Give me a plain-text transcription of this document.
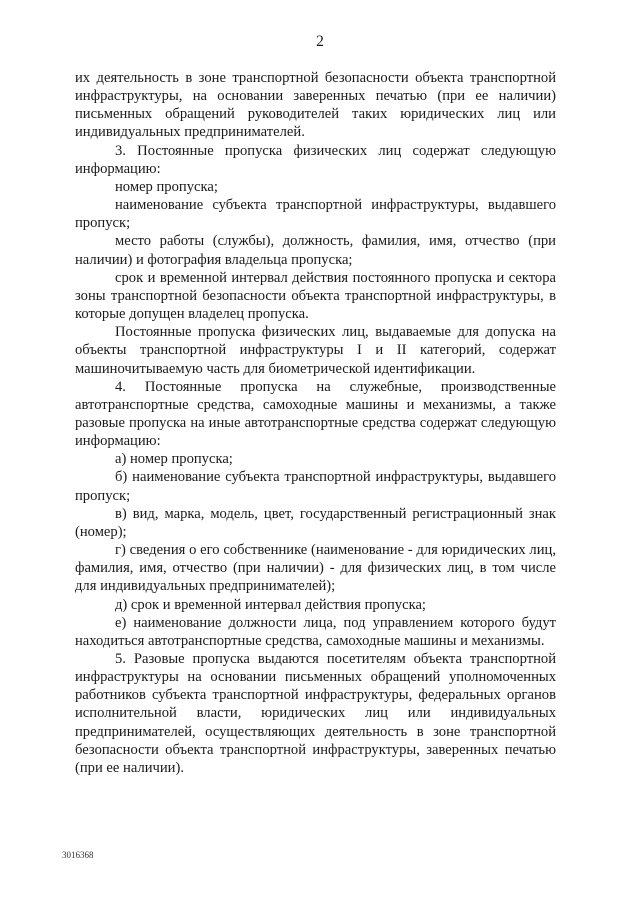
2

их деятельность в зоне транспортной безопасности объекта транспортной инфраструктуры, на основании заверенных печатью (при ее наличии) письменных обращений руководителей таких юридических лиц или индивидуальных предпринимателей.

3. Постоянные пропуска физических лиц содержат следующую информацию:

номер пропуска;

наименование субъекта транспортной инфраструктуры, выдавшего пропуск;

место работы (службы), должность, фамилия, имя, отчество (при наличии) и фотография владельца пропуска;

срок и временной интервал действия постоянного пропуска и сектора зоны транспортной безопасности объекта транспортной инфраструктуры, в которые допущен владелец пропуска.

Постоянные пропуска физических лиц, выдаваемые для допуска на объекты транспортной инфраструктуры I и II категорий, содержат машиночитываемую часть для биометрической идентификации.

4. Постоянные пропуска на служебные, производственные автотранспортные средства, самоходные машины и механизмы, а также разовые пропуска на иные автотранспортные средства содержат следующую информацию:

а) номер пропуска;

б) наименование субъекта транспортной инфраструктуры, выдавшего пропуск;

в) вид, марка, модель, цвет, государственный регистрационный знак (номер);

г) сведения о его собственнике (наименование - для юридических лиц, фамилия, имя, отчество (при наличии) - для физических лиц, в том числе для индивидуальных предпринимателей);

д) срок и временной интервал действия пропуска;

е) наименование должности лица, под управлением которого будут находиться автотранспортные средства, самоходные машины и механизмы.

5. Разовые пропуска выдаются посетителям объекта транспортной инфраструктуры на основании письменных обращений уполномоченных работников субъекта транспортной инфраструктуры, федеральных органов исполнительной власти, юридических лиц или индивидуальных предпринимателей, осуществляющих деятельность в зоне транспортной безопасности объекта транспортной инфраструктуры, заверенных печатью (при ее наличии).

3016368
